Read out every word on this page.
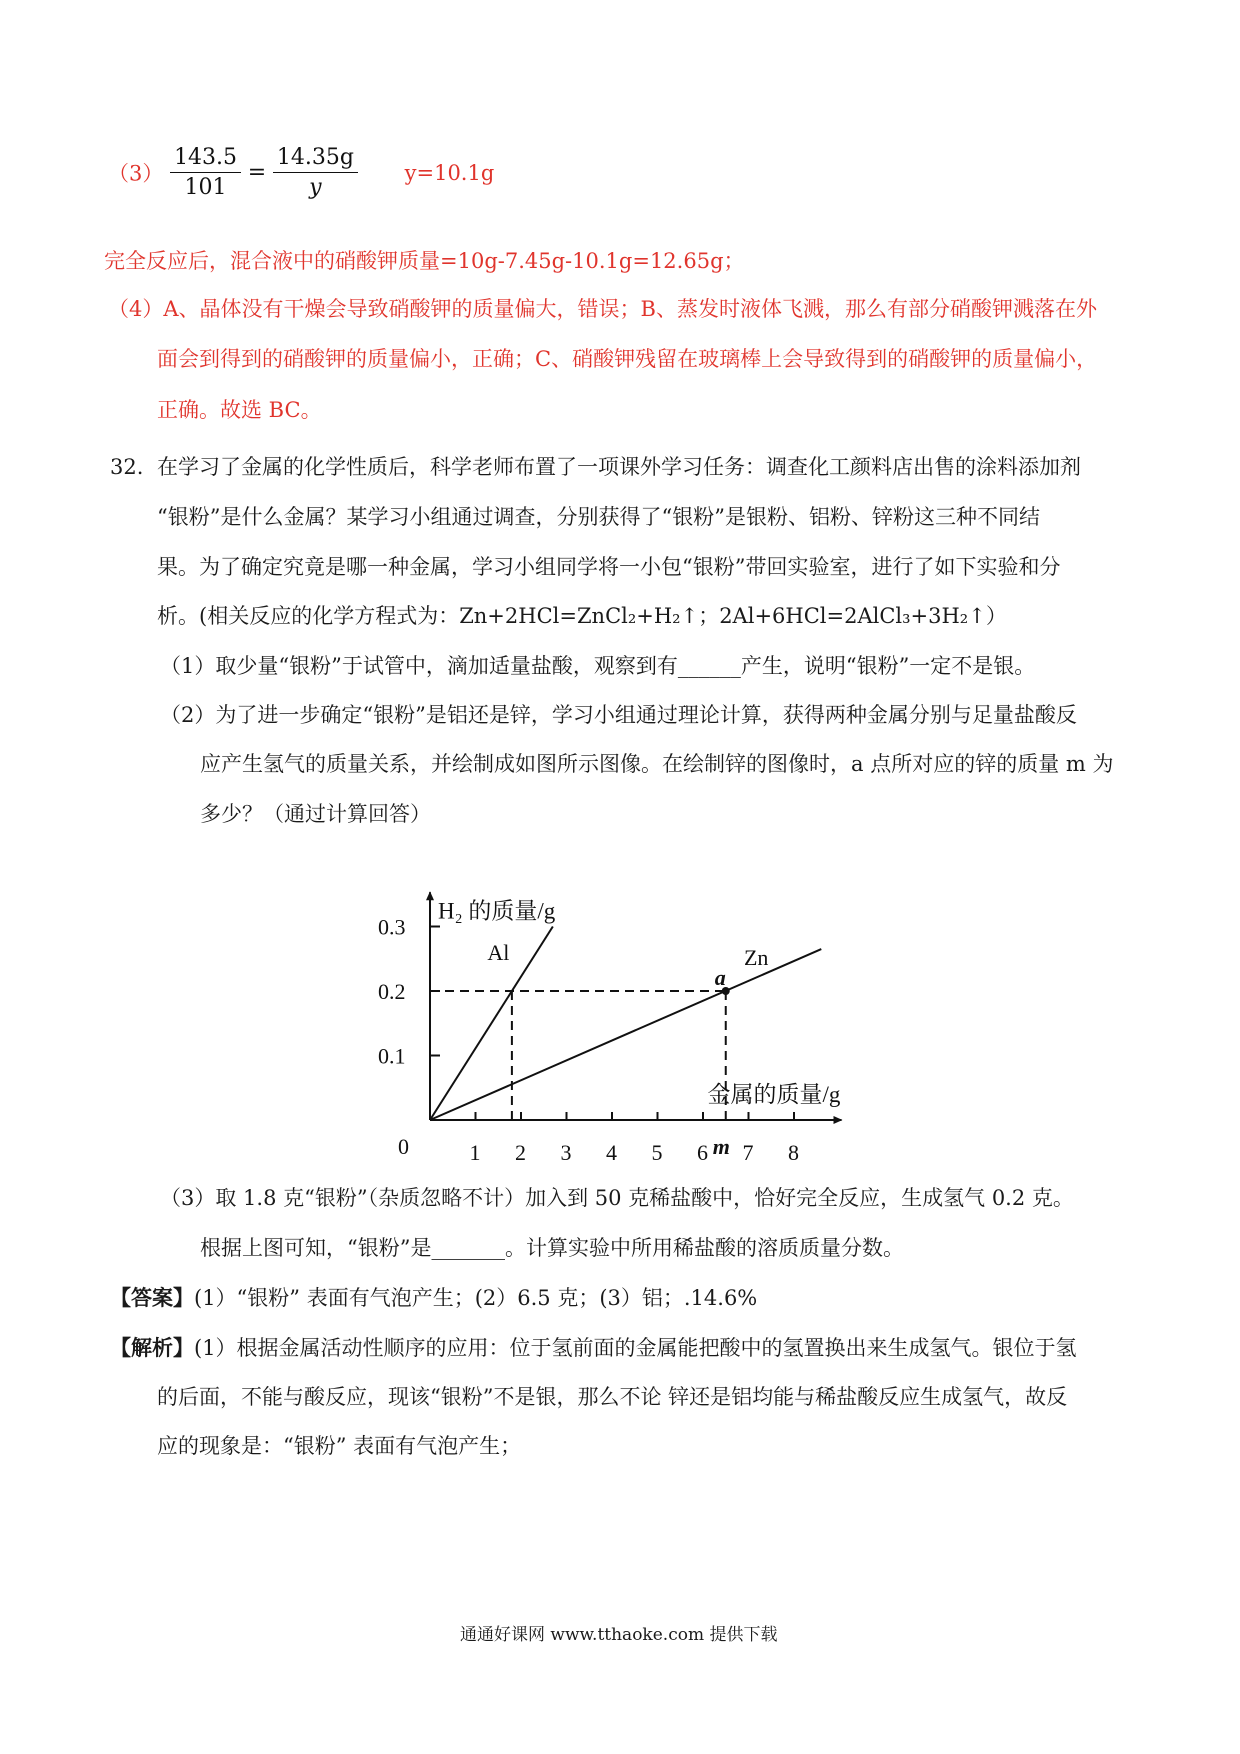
$(3) \frac{143.5}{101} = \frac{14.35g}{y} y=10.1g$
完全反应后，混合液中的硝酸钾质量=10g-7.45g-10.1g=12.65g；
（4）A、晶体没有干燥会导致硝酸钾的质量偏大，错误；B、蒸发时液体飞溅，那么有部分硝酸钾溅落在外
面会到得到的硝酸钾的质量偏小，正确；C、硝酸钾残留在玻璃棒上会导致得到的硝酸钾的质量偏小，
正确。故选 BC。
32. 在学习了金属的化学性质后，科学老师布置了一项课外学习任务：调查化工颜料店出售的涂料添加剂
“银粉”是什么金属？某学习小组通过调查，分别获得了“银粉”是银粉、铝粉、锌粉这三种不同结
果。为了确定究竟是哪一种金属，学习小组同学将一小包“银粉”带回实验室，进行了如下实验和分
析。(相关反应的化学方程式为：Zn+2HCl=ZnCl₂+H₂↑；2Al+6HCl=2AlCl₃+3H₂↑）
（1）取少量“银粉”于试管中，滴加适量盐酸，观察到有______产生，说明“银粉”一定不是银。
（2）为了进一步确定“银粉”是铝还是锌，学习小组通过理论计算，获得两种金属分别与足量盐酸反
应产生氢气的质量关系，并绘制成如图所示图像。在绘制锌的图像时，a 点所对应的锌的质量 m 为
多少？（通过计算回答）
1 2 3 4 5 6 7 8
0.1
0.2
0.3
0
Al	Zn
a
m
H₂ 的质量/g
金属的质量/g
（3）取 1.8 克“银粉”（杂质忽略不计）加入到 50 克稀盐酸中，恰好完全反应，生成氢气 0.2 克。
根据上图可知，“银粉”是_______。计算实验中所用稀盐酸的溶质质量分数。
【答案】(1）“银粉” 表面有气泡产生；(2）6.5 克；(3）铝；.14.6%
【解析】(1）根据金属活动性顺序的应用：位于氢前面的金属能把酸中的氢置换出来生成氢气。银位于氢
的后面，不能与酸反应，现该“银粉”不是银，那么不论 锌还是铝均能与稀盐酸反应生成氢气，故反
应的现象是：“银粉” 表面有气泡产生；
通通好课网 www.tthaoke.com 提供下载
